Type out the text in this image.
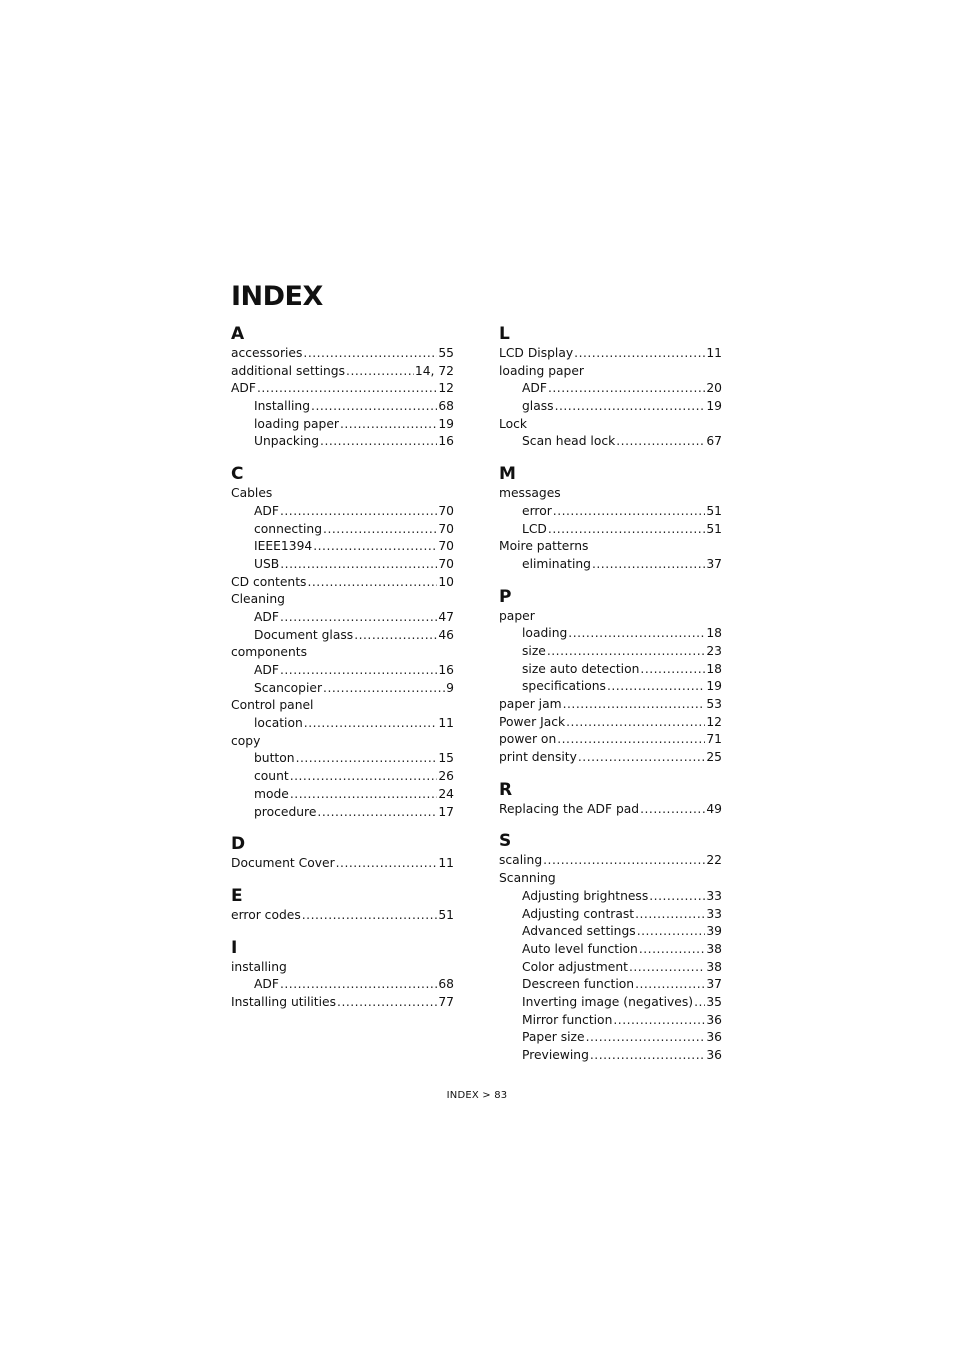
INDEX
A
accessories .....	55
additional settings .....	14, 72
ADF .....	12
Installing .....	68
loading paper .....	19
Unpacking .....	16
C
Cables
ADF .....	70
connecting .....	70
IEEE1394 .....	70
USB .....	70
CD contents .....	10
Cleaning
ADF .....	47
Document glass .....	46
components
ADF .....	16
Scancopier .....	9
Control panel
location .....	11
copy
button .....	15
count .....	26
mode .....	24
procedure .....	17
D
Document Cover .....	11
E
error codes .....	51
I
installing
ADF .....	68
Installing utilities .....	77
L
LCD Display .....	11
loading paper
ADF .....	20
glass .....	19
Lock
Scan head lock .....	67
M
messages
error .....	51
LCD .....	51
Moire patterns
eliminating .....	37
P
paper
loading .....	18
size .....	23
size auto detection .....	18
specifications .....	19
paper jam .....	53
Power Jack .....	12
power on .....	71
print density .....	25
R
Replacing the ADF pad .....	49
S
scaling .....	22
Scanning
Adjusting brightness .....	33
Adjusting contrast .....	33
Advanced settings .....	39
Auto level function .....	38
Color adjustment .....	38
Descreen function .....	37
Inverting image (negatives) ..... 35
Mirror function .....	36
Paper size .....	36
Previewing .....	36
INDEX > 83
